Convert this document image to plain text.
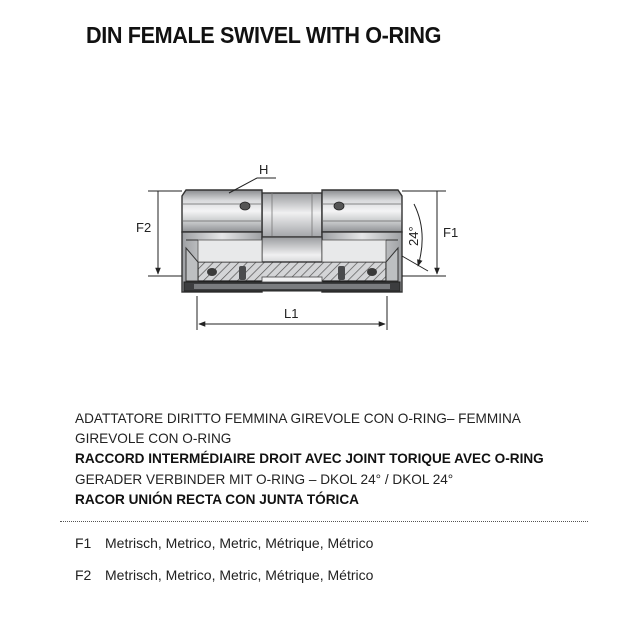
DIN FEMALE SWIVEL WITH O-RING
H
F2	F1
24°
L1
ADATTATORE DIRITTO FEMMINA GIREVOLE CON O-RING– FEMMINA GIREVOLE CON O-RING
RACCORD INTERMÉDIAIRE DROIT AVEC JOINT TORIQUE AVEC O-RING
GERADER VERBINDER MIT O-RING – DKOL 24° / DKOL 24°
RACOR UNIÓN RECTA CON JUNTA TÓRICA
F1 Metrisch, Metrico, Metric, Métrique, Métrico
F2 Metrisch, Metrico, Metric, Métrique, Métrico
